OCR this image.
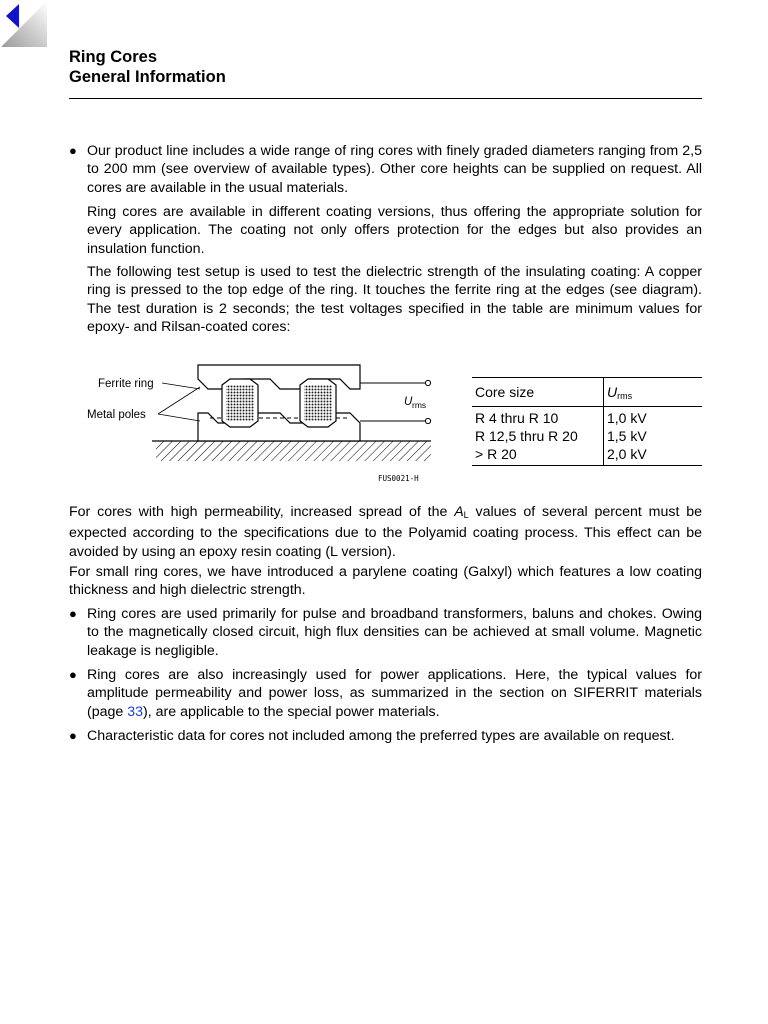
Ring Cores
General Information
● Our product line includes a wide range of ring cores with finely graded diameters ranging from 2,5 to 200 mm (see overview of available types). Other core heights can be supplied on request. All cores are available in the usual materials.
Ring cores are available in different coating versions, thus offering the appropriate solution for every application. The coating not only offers protection for the edges but also provides an insulation function.
The following test setup is used to test the dielectric strength of the insulating coating: A copper ring is pressed to the top edge of the ring. It touches the ferrite ring at the edges (see diagram). The test duration is 2 seconds; the test voltages specified in the table are minimum values for epoxy- and Rilsan-coated cores:
Ferrite ring
Metal poles
U rms
FUS0021-H
Core size	$U_{rms}$
R 4 thru R 10	1,0 kV
R 12,5 thru R 20	1,5 kV
> R 20	2,0 kV
For cores with high permeability, increased spread of the $A_L$ values of several percent must be expected according to the specifications due to the Polyamid coating process. This effect can be avoided by using an epoxy resin coating (L version).
For small ring cores, we have introduced a parylene coating (Galxyl) which features a low coating thickness and high dielectric strength.
● Ring cores are used primarily for pulse and broadband transformers, baluns and chokes. Owing to the magnetically closed circuit, high flux densities can be achieved at small volume. Magnetic leakage is negligible.
● Ring cores are also increasingly used for power applications. Here, the typical values for amplitude permeability and power loss, as summarized in the section on SIFERRIT materials (page 33), are applicable to the special power materials.
● Characteristic data for cores not included among the preferred types are available on request.
